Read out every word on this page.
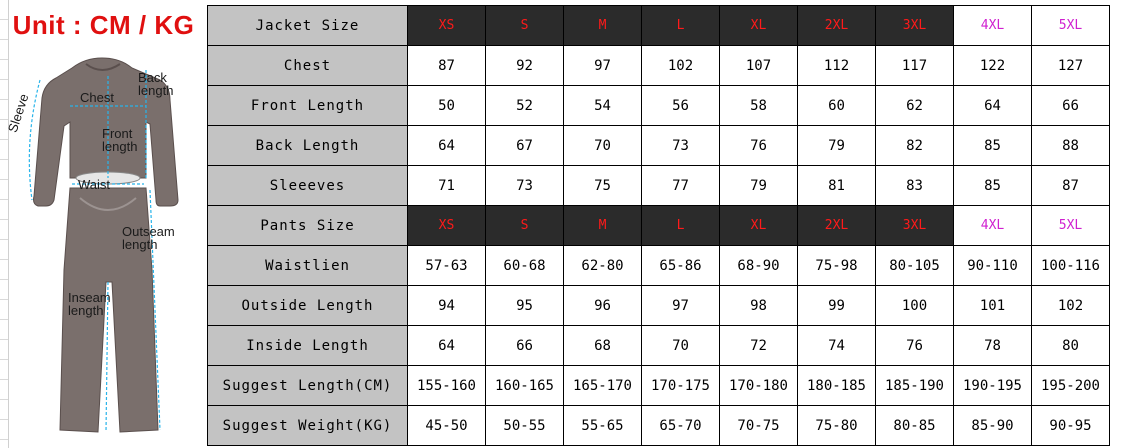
Unit : CM / KG
Sleeve	Chest
Back length
Front length
Waist
Outseam length
Inseam length
Jacket Size	XS	S	M	L	XL	2XL	3XL	4XL	5XL
Chest	87	92	97	102	107	112	117	122	127
Front Length	50	52	54	56	58	60	62	64	66
Back Length	64	67	70	73	76	79	82	85	88
Sleeeves	71	73	75	77	79	81	83	85	87
Pants Size	XS	S	M	L	XL	2XL	3XL	4XL	5XL
Waistlien	57-63	60-68	62-80	65-86	68-90	75-98	80-105	90-110	100-116
Outside Length	94	95	96	97	98	99	100	101	102
Inside Length	64	66	68	70	72	74	76	78	80
Suggest Length(CM)	155-160	160-165	165-170	170-175	170-180	180-185	185-190	190-195	195-200
Suggest Weight(KG)	45-50	50-55	55-65	65-70	70-75	75-80	80-85	85-90	90-95
